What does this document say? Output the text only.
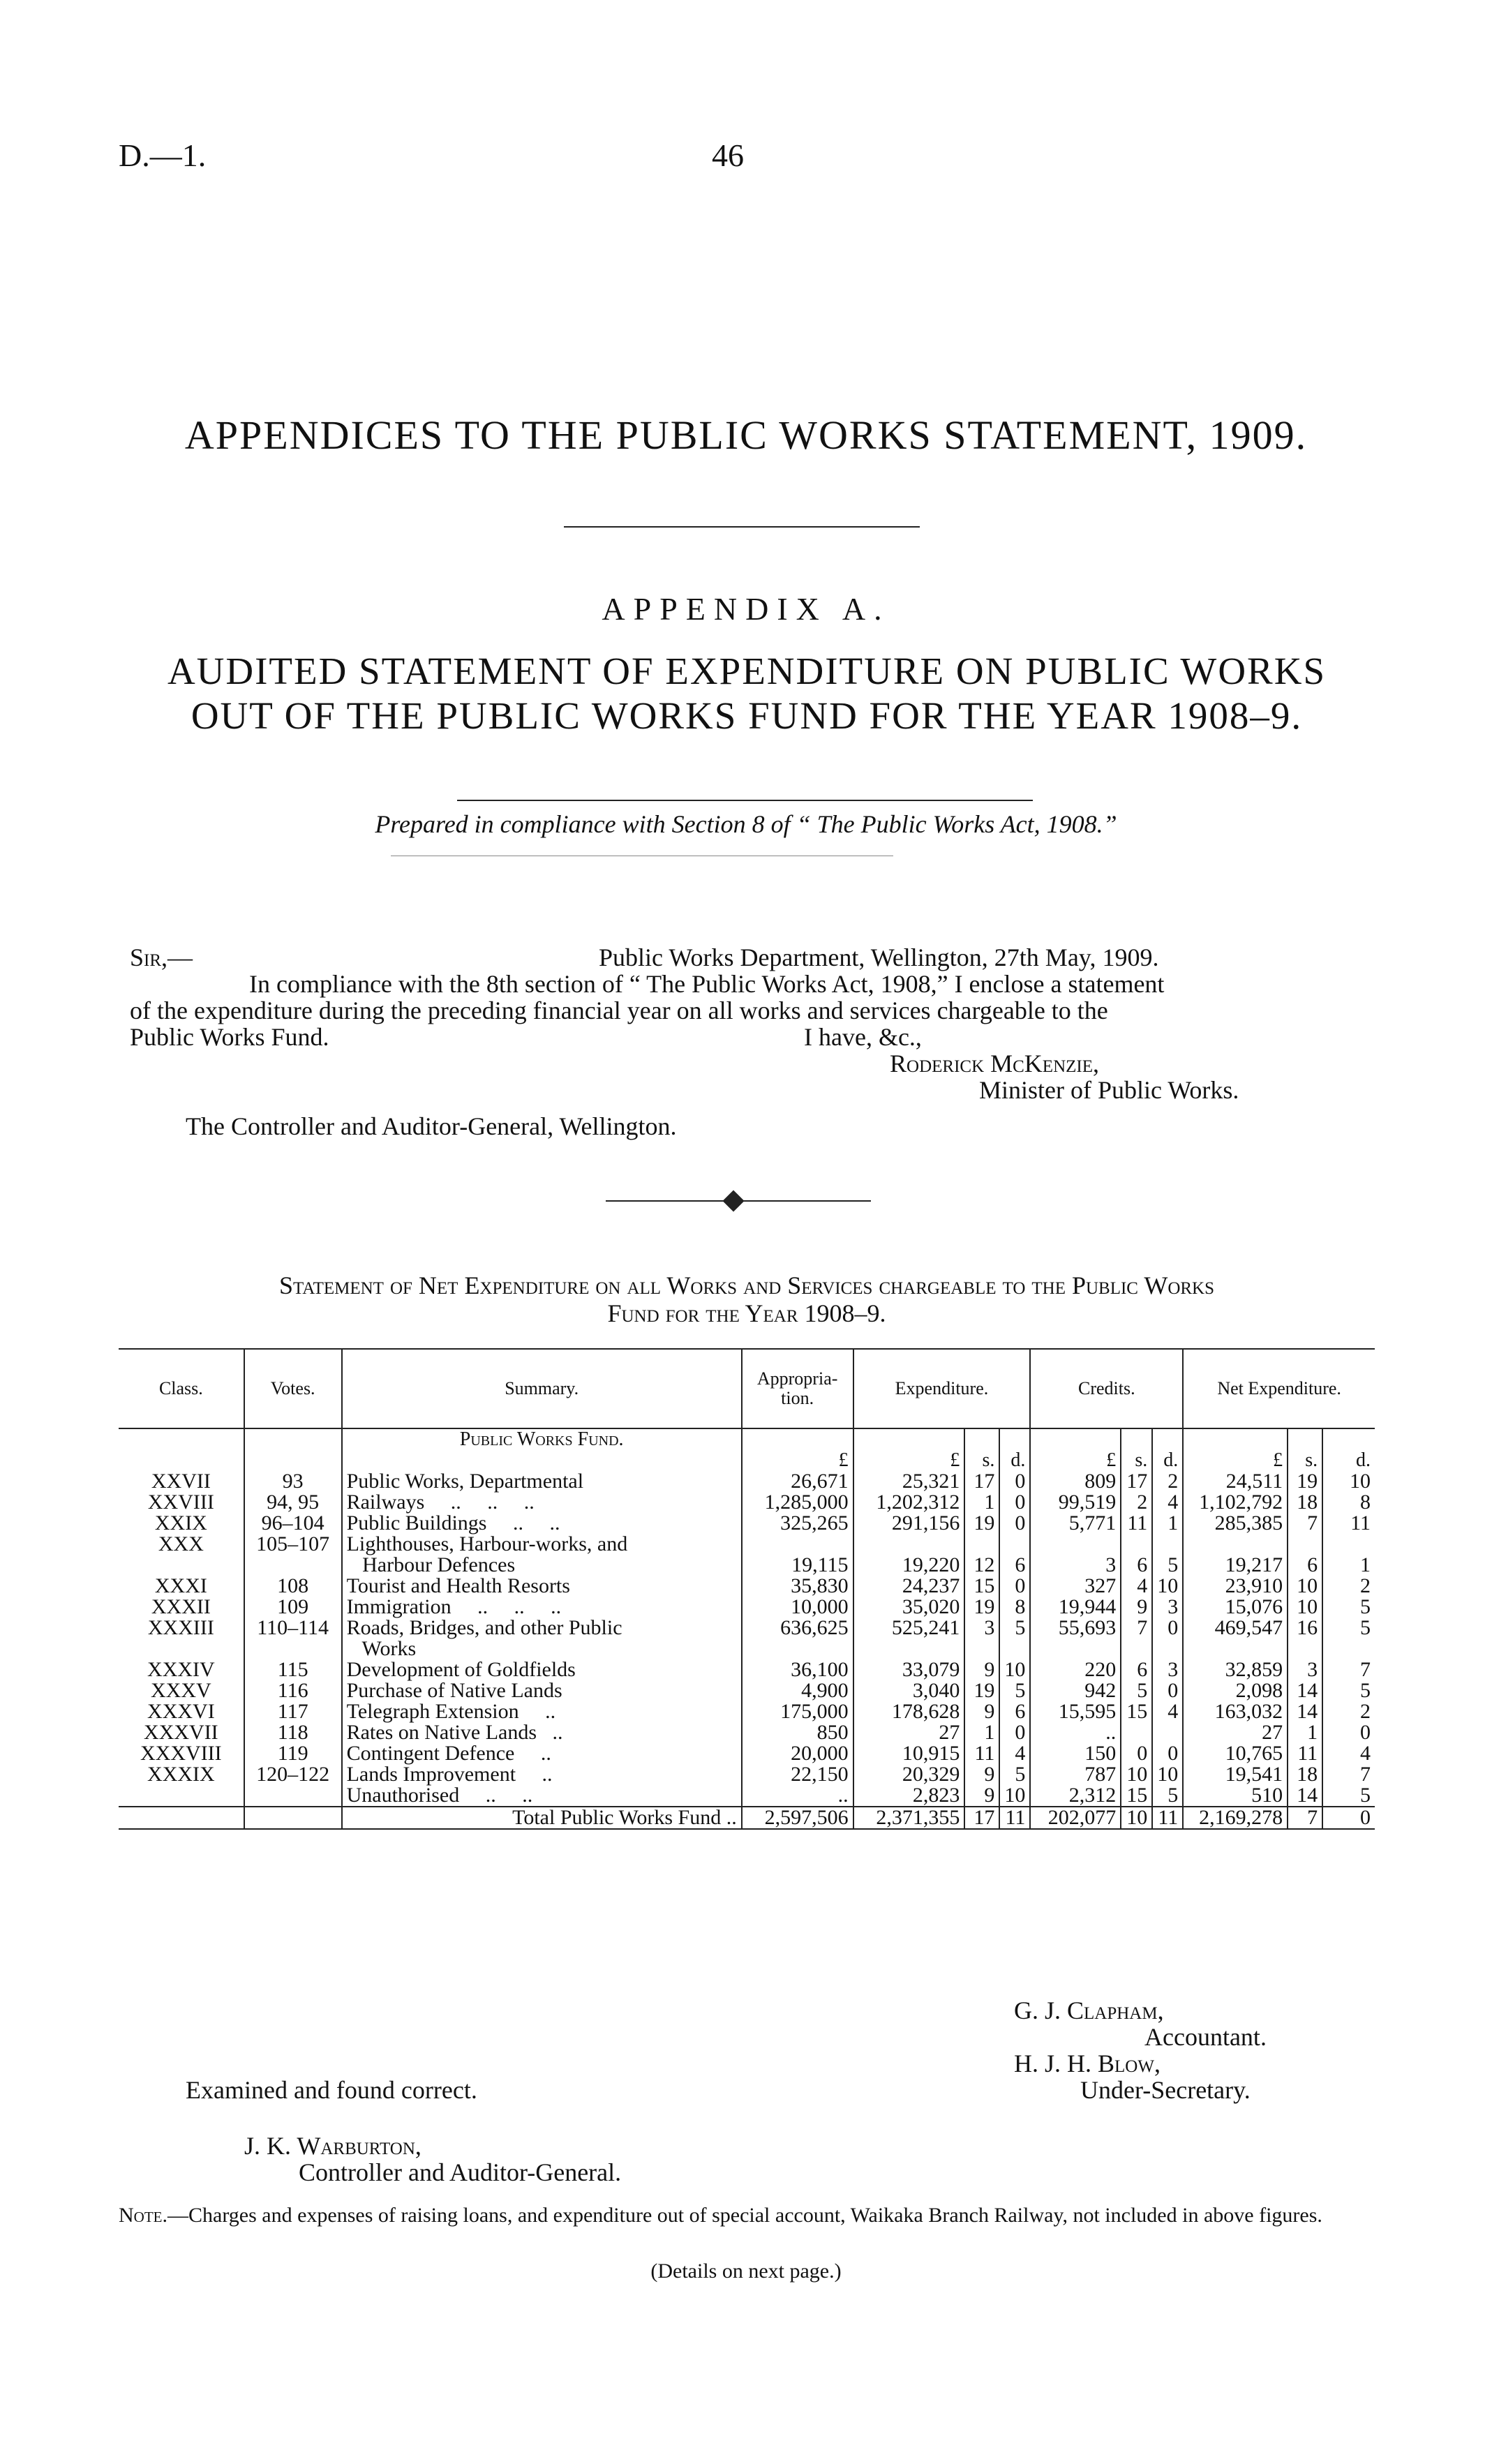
D.—1.	46
APPENDICES TO THE PUBLIC WORKS STATEMENT, 1909.
APPENDIX A.
AUDITED STATEMENT OF EXPENDITURE ON PUBLIC WORKS
OUT OF THE PUBLIC WORKS FUND FOR THE YEAR 1908–9.
Prepared in compliance with Section 8 of “ The Public Works Act, 1908.”
Sir,—	Public Works Department, Wellington, 27th May, 1909.
In compliance with the 8th section of “ The Public Works Act, 1908,” I enclose a statement
of the expenditure during the preceding financial year on all works and services chargeable to the
Public Works Fund.	I have, &c.,
Roderick McKenzie,
Minister of Public Works.
The Controller and Auditor-General, Wellington.
Statement of Net Expenditure on all Works and Services chargeable to the Public Works
Fund for the Year 1908–9.
Class.	Votes.	Summary.	Appropria-
tion.	Expenditure.			Credits.			Net Expenditure.		
		Public Works Fund.										
			£	£	s.	d.	£	s.	d.	£	s.	d.
XXVII	93	Public Works, Departmental	26,671	25,321	17	0	809	17	2	24,511	19	10
XXVIII	94, 95	Railways     ..     ..     ..	1,285,000	1,202,312	1	0	99,519	2	4	1,102,792	18	8
XXIX	96–104	Public Buildings     ..     ..	325,265	291,156	19	0	5,771	11	1	285,385	7	11
XXX	105–107	Lighthouses, Harbour-works, and										
		Harbour Defences	19,115	19,220	12	6	3	6	5	19,217	6	1
XXXI	108	Tourist and Health Resorts	35,830	24,237	15	0	327	4	10	23,910	10	2
XXXII	109	Immigration     ..     ..     ..	10,000	35,020	19	8	19,944	9	3	15,076	10	5
XXXIII	110–114	Roads, Bridges, and other Public	636,625	525,241	3	5	55,693	7	0	469,547	16	5
		Works										
XXXIV	115	Development of Goldfields	36,100	33,079	9	10	220	6	3	32,859	3	7
XXXV	116	Purchase of Native Lands	4,900	3,040	19	5	942	5	0	2,098	14	5
XXXVI	117	Telegraph Extension     ..	175,000	178,628	9	6	15,595	15	4	163,032	14	2
XXXVII	118	Rates on Native Lands   ..	850	27	1	0	..			27	1	0
XXXVIII	119	Contingent Defence     ..	20,000	10,915	11	4	150	0	0	10,765	11	4
XXXIX	120–122	Lands Improvement     ..	22,150	20,329	9	5	787	10	10	19,541	18	7
		Unauthorised     ..     ..	..	2,823	9	10	2,312	15	5	510	14	5
		Total Public Works Fund ..	2,597,506	2,371,355	17	11	202,077	10	11	2,169,278	7	0
G. J. Clapham,
Accountant.
H. J. H. Blow,
Under-Secretary.
Examined and found correct.
J. K. Warburton,
Controller and Auditor-General.
Note.—Charges and expenses of raising loans, and expenditure out of special account, Waikaka Branch Railway, not included in above figures.
(Details on next page.)
